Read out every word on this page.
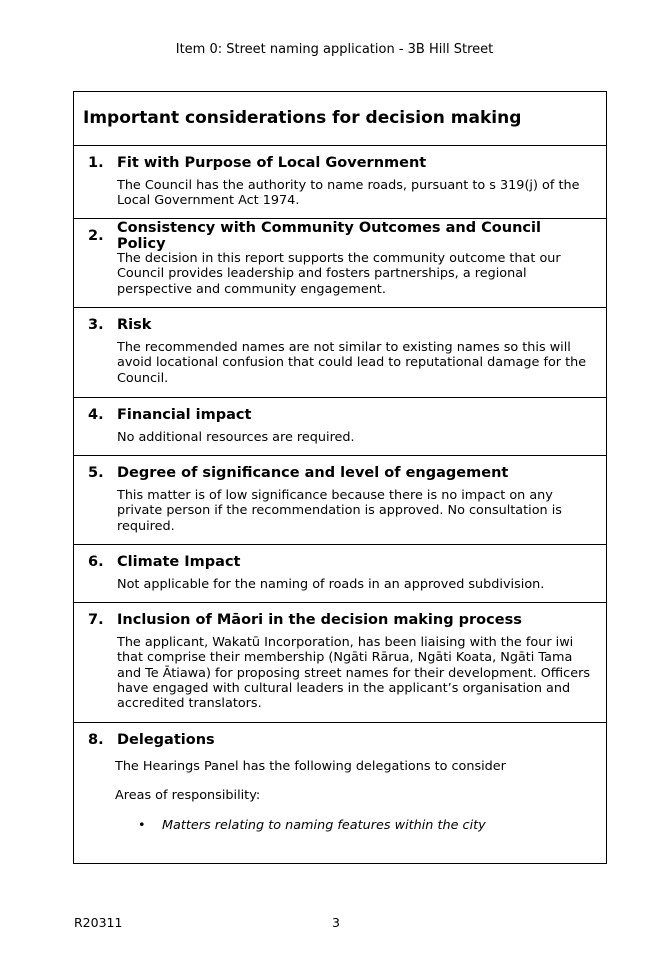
Item 0: Street naming application - 3B Hill Street
Important considerations for decision making
1. Fit with Purpose of Local Government
The Council has the authority to name roads, pursuant to s 319(j) of the
Local Government Act 1974.
2. Consistency with Community Outcomes and Council Policy
The decision in this report supports the community outcome that our
Council provides leadership and fosters partnerships, a regional
perspective and community engagement.
3. Risk
The recommended names are not similar to existing names so this will
avoid locational confusion that could lead to reputational damage for the
Council.
4. Financial impact
No additional resources are required.
5. Degree of significance and level of engagement
This matter is of low significance because there is no impact on any
private person if the recommendation is approved. No consultation is
required.
6. Climate Impact
Not applicable for the naming of roads in an approved subdivision.
7. Inclusion of Māori in the decision making process
The applicant, Wakatū Incorporation, has been liaising with the four iwi
that comprise their membership (Ngāti Rārua, Ngāti Koata, Ngāti Tama
and Te Ātiawa) for proposing street names for their development. Officers
have engaged with cultural leaders in the applicant’s organisation and
accredited translators.
8. Delegations
The Hearings Panel has the following delegations to consider
Areas of responsibility:
•	Matters relating to naming features within the city
R20311	3
